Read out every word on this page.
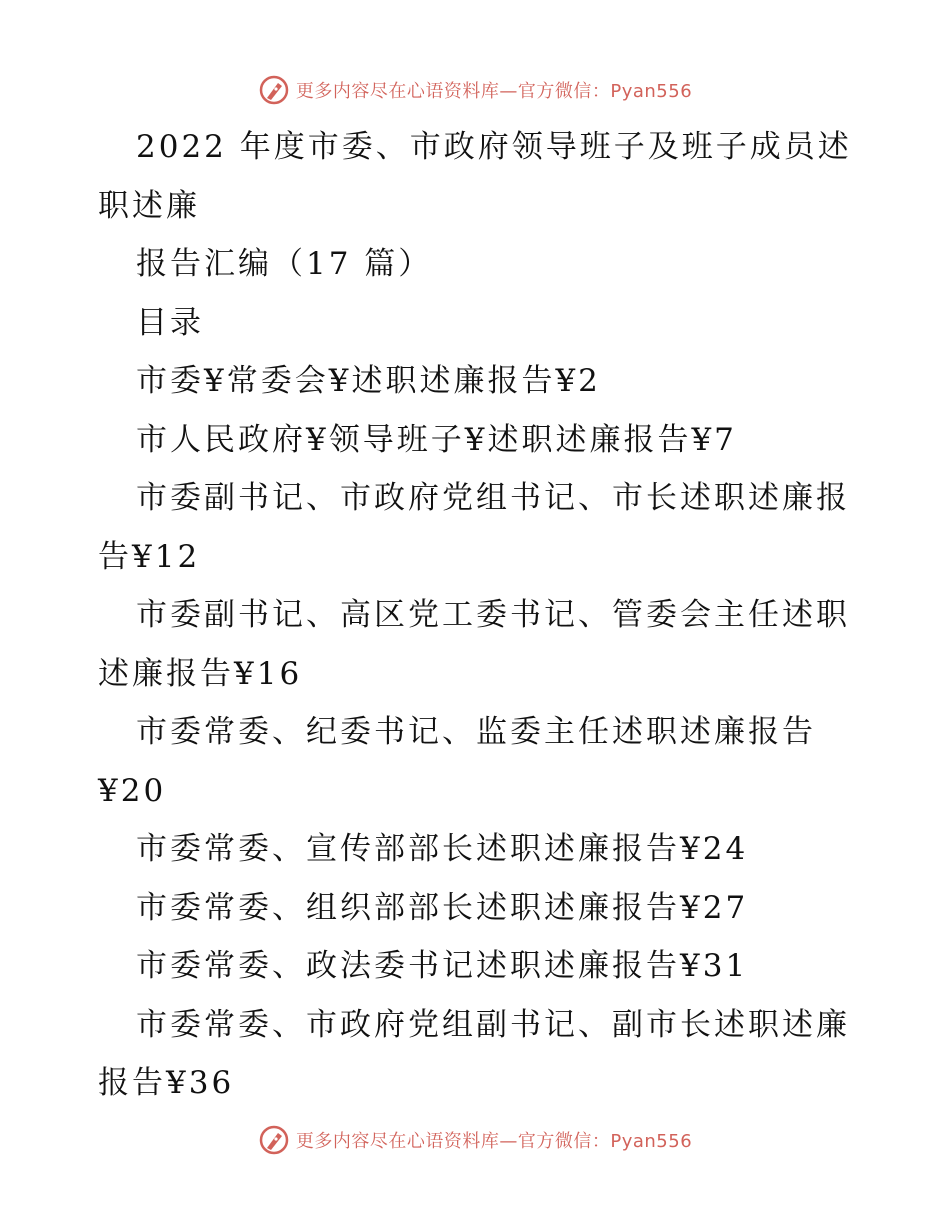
更多内容尽在心语资料库—官方微信：Pyan556

2022 年度市委、市政府领导班子及班子成员述

职述廉

报告汇编（17 篇）

目录

市委¥常委会¥述职述廉报告¥2

市人民政府¥领导班子¥述职述廉报告¥7

市委副书记、市政府党组书记、市长述职述廉报

告¥12

市委副书记、高区党工委书记、管委会主任述职

述廉报告¥16

市委常委、纪委书记、监委主任述职述廉报告

¥20

市委常委、宣传部部长述职述廉报告¥24

市委常委、组织部部长述职述廉报告¥27

市委常委、政法委书记述职述廉报告¥31

市委常委、市政府党组副书记、副市长述职述廉

报告¥36

更多内容尽在心语资料库—官方微信：Pyan556
